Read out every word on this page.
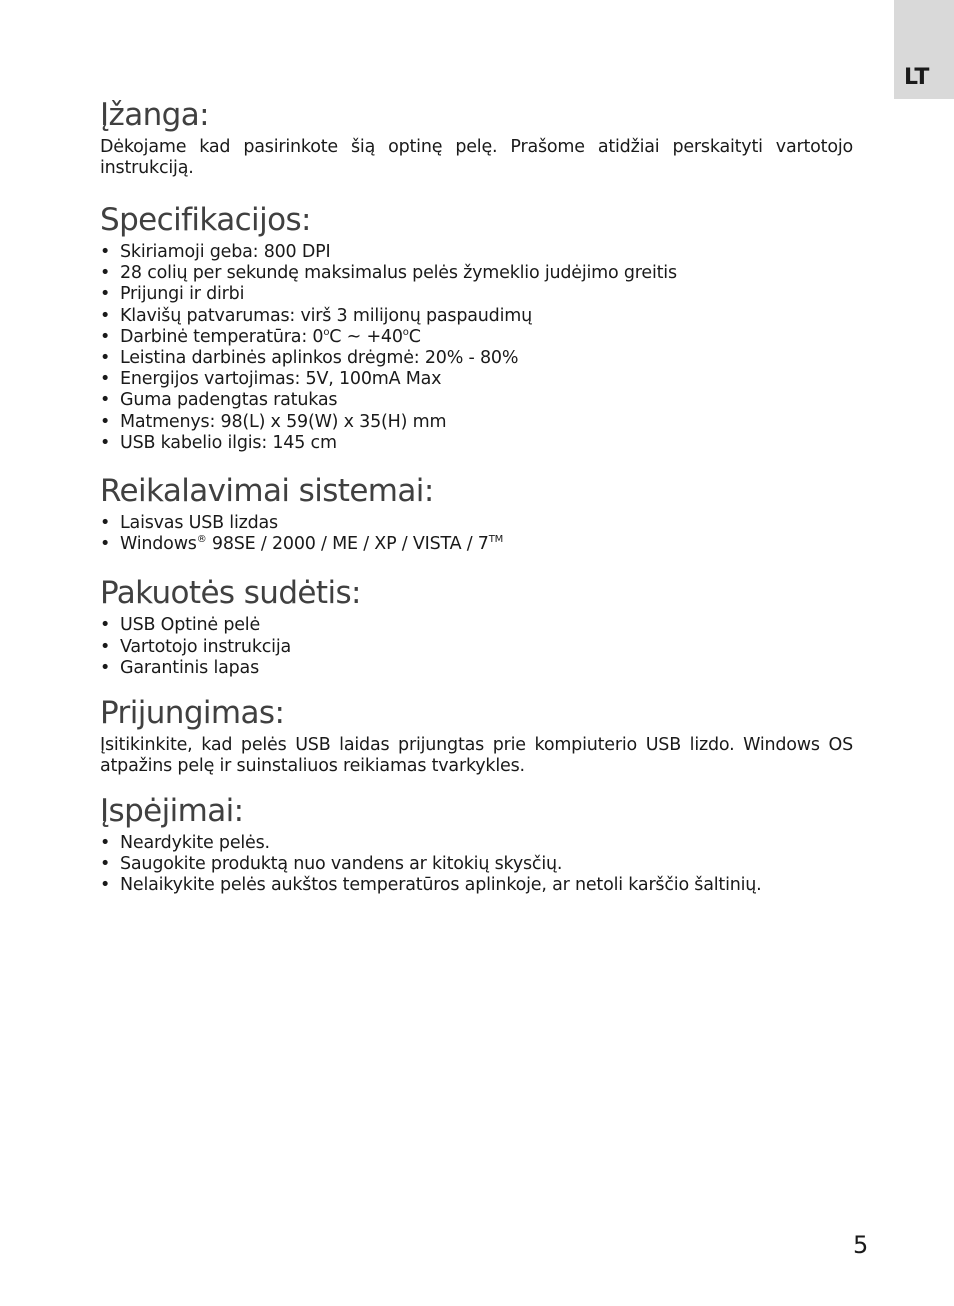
LT
Įžanga:

Dėkojame kad pasirinkote šią optinę pelę. Prašome atidžiai perskaityti vartotojo instrukciją.

Specifikacijos:
• Skiriamoji geba: 800 DPI
• 28 colių per sekundę maksimalus pelės žymeklio judėjimo greitis
• Prijungi ir dirbi
• Klavišų patvarumas: virš 3 milijonų paspaudimų
• Darbinė temperatūra: 0$^o$C ~ $+40^oC$
• Leistina darbinės aplinkos drėgmė: 20% - 80%
• Energijos vartojimas: 5V, 100mA Max
• Guma padengtas ratukas
• Matmenys: 98(L) x 59(W) x 35(H) mm
• USB kabelio ilgis: 145 cm
Reikalavimai sistemai:
• Laisvas USB lizdas
• Windows® 98SE / 2000 / ME / XP / VISTA / 7™
Pakuotės sudėtis:
• USB Optinė pelė
• Vartotojo instrukcija
• Garantinis lapas
Prijungimas:

Įsitikinkite, kad pelės USB laidas prijungtas prie kompiuterio USB lizdo. Windows OS atpažins pelę ir suinstaliuos reikiamas tvarkykles.

Įspėjimai:
• Neardykite pelės.
• Saugokite produktą nuo vandens ar kitokių skysčių.
• Nelaikykite pelės aukštos temperatūros aplinkoje, ar netoli karščio šaltinių.
5
